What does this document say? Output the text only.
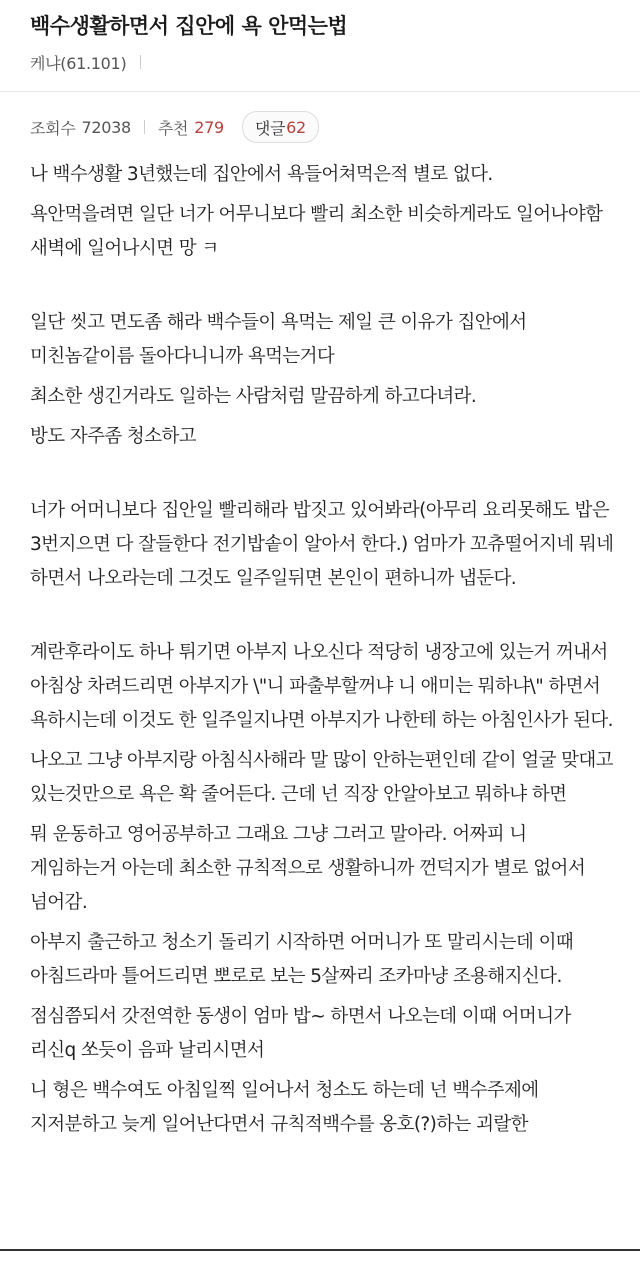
백수생활하면서 집안에 욕 안먹는법
케냐(61.101)
조회수 72038 추천 279 댓글 62

나 백수생활 3년했는데 집안에서 욕들어쳐먹은적 별로 없다.

욕안먹을려면 일단 너가 어무니보다 빨리 최소한 비슷하게라도 일어나야함 새벽에 일어나시면 망 ㅋ

일단 씻고 면도좀 해라 백수들이 욕먹는 제일 큰 이유가 집안에서 미친놈같이름 돌아다니니까 욕먹는거다

최소한 생긴거라도 일하는 사람처럼 말끔하게 하고다녀라.

방도 자주좀 청소하고

너가 어머니보다 집안일 빨리해라 밥짓고 있어봐라(아무리 요리못해도 밥은 3번지으면 다 잘들한다 전기밥솥이 알아서 한다.) 엄마가 꼬츄떨어지네 뭐네 하면서 나오라는데 그것도 일주일뒤면 본인이 편하니까 냅둔다.

계란후라이도 하나 튀기면 아부지 나오신다 적당히 냉장고에 있는거 꺼내서 아침상 차려드리면 아부지가 \"니 파출부할꺼냐 니 애미는 뭐하냐\" 하면서 욕하시는데 이것도 한 일주일지나면 아부지가 나한테 하는 아침인사가 된다.

나오고 그냥 아부지랑 아침식사해라 말 많이 안하는편인데 같이 얼굴 맞대고 있는것만으로 욕은 확 줄어든다. 근데 넌 직장 안알아보고 뭐하냐 하면

뭐 운동하고 영어공부하고 그래요 그냥 그러고 말아라. 어짜피 니 게임하는거 아는데 최소한 규칙적으로 생활하니까 껀덕지가 별로 없어서 넘어감.

아부지 출근하고 청소기 돌리기 시작하면 어머니가 또 말리시는데 이때 아침드라마 틀어드리면 뽀로로 보는 5살짜리 조카마냥 조용해지신다.

점심쯤되서 갓전역한 동생이 엄마 밥~ 하면서 나오는데 이때 어머니가 리신q 쏘듯이 음파 날리시면서

니 형은 백수여도 아침일찍 일어나서 청소도 하는데 넌 백수주제에 지저분하고 늦게 일어난다면서 규칙적백수를 옹호(?)하는 괴랄한
